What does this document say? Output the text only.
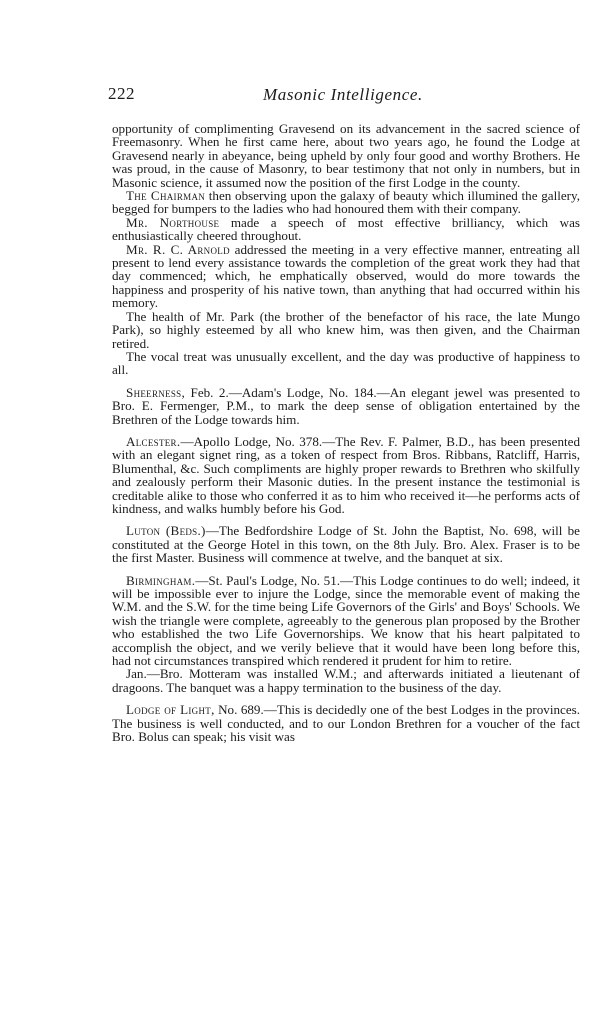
222	Masonic Intelligence.

opportunity of complimenting Gravesend on its advancement in the sacred science of Freemasonry. When he first came here, about two years ago, he found the Lodge at Gravesend nearly in abeyance, being upheld by only four good and worthy Brothers. He was proud, in the cause of Masonry, to bear testimony that not only in numbers, but in Masonic science, it assumed now the position of the first Lodge in the county.

The Chairman then observing upon the galaxy of beauty which illumined the gallery, begged for bumpers to the ladies who had honoured them with their company.

Mr. Northouse made a speech of most effective brilliancy, which was enthusiastically cheered throughout.

Mr. R. C. Arnold addressed the meeting in a very effective manner, entreating all present to lend every assistance towards the completion of the great work they had that day commenced; which, he emphatically observed, would do more towards the happiness and prosperity of his native town, than anything that had occurred within his memory.

The health of Mr. Park (the brother of the benefactor of his race, the late Mungo Park), so highly esteemed by all who knew him, was then given, and the Chairman retired.

The vocal treat was unusually excellent, and the day was productive of happiness to all.

Sheerness, Feb. 2.—Adam's Lodge, No. 184.—An elegant jewel was presented to Bro. E. Fermenger, P.M., to mark the deep sense of obligation entertained by the Brethren of the Lodge towards him.

Alcester.—Apollo Lodge, No. 378.—The Rev. F. Palmer, B.D., has been presented with an elegant signet ring, as a token of respect from Bros. Ribbans, Ratcliff, Harris, Blumenthal, &c. Such compliments are highly proper rewards to Brethren who skilfully and zealously perform their Masonic duties. In the present instance the testimonial is creditable alike to those who conferred it as to him who received it—he performs acts of kindness, and walks humbly before his God.

Luton (Beds.)—The Bedfordshire Lodge of St. John the Baptist, No. 698, will be constituted at the George Hotel in this town, on the 8th July. Bro. Alex. Fraser is to be the first Master. Business will commence at twelve, and the banquet at six.

Birmingham.—St. Paul's Lodge, No. 51.—This Lodge continues to do well; indeed, it will be impossible ever to injure the Lodge, since the memorable event of making the W.M. and the S.W. for the time being Life Governors of the Girls' and Boys' Schools. We wish the triangle were complete, agreeably to the generous plan proposed by the Brother who established the two Life Governorships. We know that his heart palpitated to accomplish the object, and we verily believe that it would have been long before this, had not circumstances transpired which rendered it prudent for him to retire.

Jan.—Bro. Motteram was installed W.M.; and afterwards initiated a lieutenant of dragoons. The banquet was a happy termination to the business of the day.

Lodge of Light, No. 689.—This is decidedly one of the best Lodges in the provinces. The business is well conducted, and to our London Brethren for a voucher of the fact Bro. Bolus can speak; his visit was
